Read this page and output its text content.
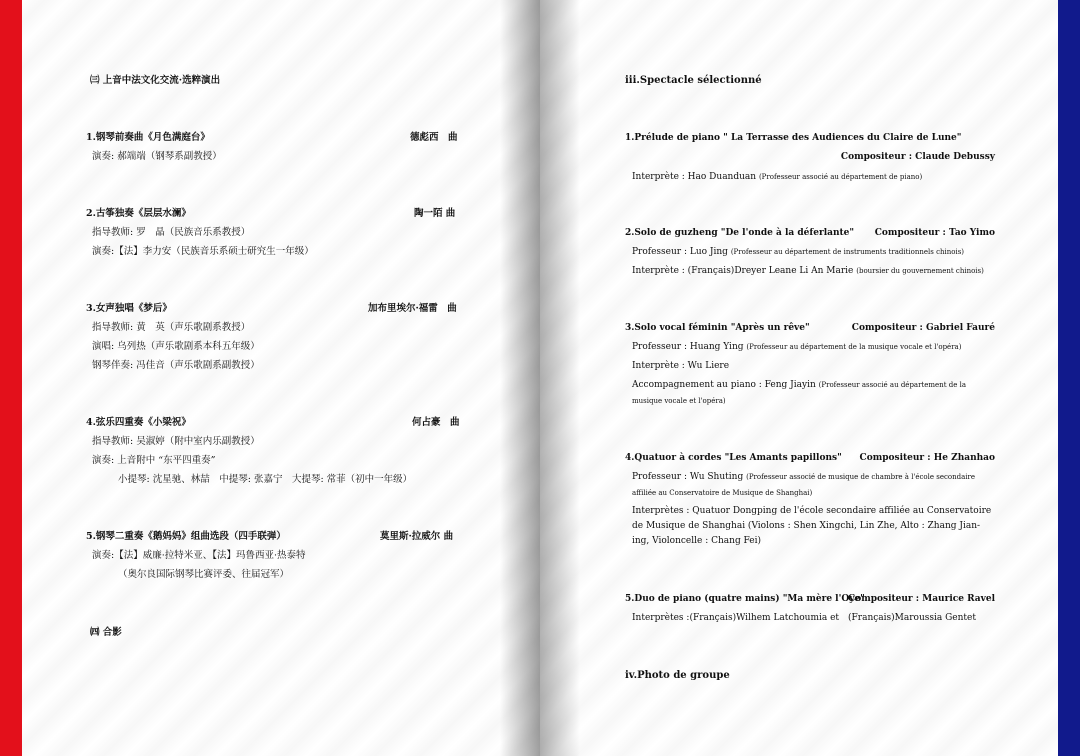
㈢ 上音中法文化交流·选粹演出
1.钢琴前奏曲《月色满庭台》	德彪西　曲
演奏: 郝端端（钢琴系副教授）
2.古筝独奏《层层水澜》	陶一陌 曲
指导教师: 罗　晶（民族音乐系教授）
演奏:【法】李力安（民族音乐系硕士研究生一年级）
3.女声独唱《梦后》	加布里埃尔·福雷　曲
指导教师: 黄　英（声乐歌剧系教授）
演唱: 乌列热（声乐歌剧系本科五年级）
钢琴伴奏: 冯佳音（声乐歌剧系副教授）
4.弦乐四重奏《小梁祝》	何占豪　曲
指导教师: 吴淑婷（附中室内乐副教授）
演奏: 上音附中 “东平四重奏”
小提琴: 沈星驰、林喆　中提琴: 张嘉宁　大提琴: 常菲（初中一年级）
5.钢琴二重奏《鹅妈妈》组曲选段（四手联弹）	莫里斯·拉威尔 曲
演奏:【法】威廉·拉特米亚、【法】玛鲁西亚·热泰特
（奥尔良国际钢琴比赛评委、往届冠军）
㈣ 合影
iii.Spectacle sélectionné
1.Prélude de piano " La Terrasse des Audiences du Claire de Lune"
Compositeur : Claude Debussy
Interprète : Hao Duanduan (Professeur associé au département de piano)
2.Solo de guzheng "De l'onde à la déferlante"	Compositeur : Tao Yimo
Professeur : Luo Jing (Professeur au département de instruments traditionnels chinois)
Interprète : (Français)Dreyer Leane Li An Marie (boursier du gouvernement chinois)
3.Solo vocal féminin "Après un rêve"	Compositeur : Gabriel Fauré
Professeur : Huang Ying (Professeur au département de la musique vocale et l'opéra)
Interprète : Wu Liere
Accompagnement au piano : Feng Jiayin (Professeur associé au département de la
musique vocale et l'opéra)
4.Quatuor à cordes "Les Amants papillons"	Compositeur : He Zhanhao
Professeur : Wu Shuting (Professeur associé de musique de chambre à l'école secondaire
affiliée au Conservatoire de Musique de Shanghai)
Interprètes : Quatuor Dongping de l'école secondaire affiliée au Conservatoire
de Musique de Shanghai (Violons : Shen Xingchi, Lin Zhe, Alto : Zhang Jian-
ing, Violoncelle : Chang Fei)
5.Duo de piano (quatre mains) "Ma mère l'Oye"
Compositeur : Maurice Ravel
Interprètes :(Français)Wilhem Latchoumia et　(Français)Maroussia Gentet
iv.Photo de groupe
